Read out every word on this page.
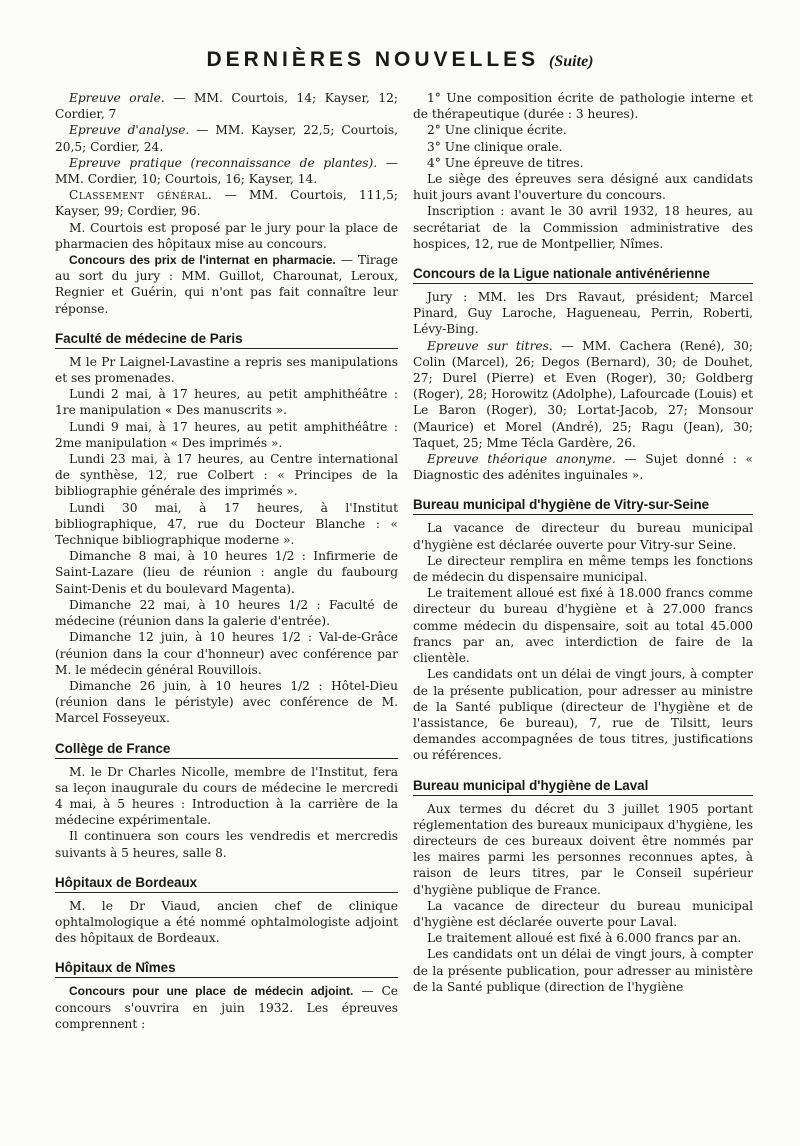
DERNIÈRES NOUVELLES (Suite)

Epreuve orale. — MM. Courtois, 14; Kayser, 12; Cordier, 7

Epreuve d'analyse. — MM. Kayser, 22,5; Courtois, 20,5; Cordier, 24.

Epreuve pratique (reconnaissance de plantes). — MM. Cordier, 10; Courtois, 16; Kayser, 14.

Classement général. — MM. Courtois, 111,5; Kayser, 99; Cordier, 96.

M. Courtois est proposé par le jury pour la place de pharmacien des hôpitaux mise au concours.

Concours des prix de l'internat en pharmacie. — Tirage au sort du jury : MM. Guillot, Charounat, Leroux, Regnier et Guérin, qui n'ont pas fait connaître leur réponse.

Faculté de médecine de Paris

M le Pr Laignel-Lavastine a repris ses manipulations et ses promenades.

Lundi 2 mai, à 17 heures, au petit amphithéâtre : 1re manipulation « Des manuscrits ».

Lundi 9 mai, à 17 heures, au petit amphithéâtre : 2me manipulation « Des imprimés ».

Lundi 23 mai, à 17 heures, au Centre international de synthèse, 12, rue Colbert : « Principes de la bibliographie générale des imprimés ».

Lundi 30 mai, à 17 heures, à l'Institut bibliographique, 47, rue du Docteur Blanche : « Technique bibliographique moderne ».

Dimanche 8 mai, à 10 heures 1/2 : Infirmerie de Saint-Lazare (lieu de réunion : angle du faubourg Saint-Denis et du boulevard Magenta).

Dimanche 22 mai, à 10 heures 1/2 : Faculté de médecine (réunion dans la galerie d'entrée).

Dimanche 12 juin, à 10 heures 1/2 : Val-de-Grâce (réunion dans la cour d'honneur) avec conférence par M. le médecin général Rouvillois.

Dimanche 26 juin, à 10 heures 1/2 : Hôtel-Dieu (réunion dans le péristyle) avec conférence de M. Marcel Fosseyeux.

Collège de France

M. le Dr Charles Nicolle, membre de l'Institut, fera sa leçon inaugurale du cours de médecine le mercredi 4 mai, à 5 heures : Introduction à la carrière de la médecine expérimentale.

Il continuera son cours les vendredis et mercredis suivants à 5 heures, salle 8.

Hôpitaux de Bordeaux

M. le Dr Viaud, ancien chef de clinique ophtalmologique a été nommé ophtalmologiste adjoint des hôpitaux de Bordeaux.

Hôpitaux de Nîmes

Concours pour une place de médecin adjoint. — Ce concours s'ouvrira en juin 1932. Les épreuves comprennent :

1° Une composition écrite de pathologie interne et de thérapeutique (durée : 3 heures).

2° Une clinique écrite.

3° Une clinique orale.

4° Une épreuve de titres.

Le siège des épreuves sera désigné aux candidats huit jours avant l'ouverture du concours.

Inscription : avant le 30 avril 1932, 18 heures, au secrétariat de la Commission administrative des hospices, 12, rue de Montpellier, Nîmes.

Concours de la Ligue nationale antivénérienne

Jury : MM. les Drs Ravaut, président; Marcel Pinard, Guy Laroche, Hagueneau, Perrin, Roberti, Lévy-Bing.

Epreuve sur titres. — MM. Cachera (René), 30; Colin (Marcel), 26; Degos (Bernard), 30; de Douhet, 27; Durel (Pierre) et Even (Roger), 30; Goldberg (Roger), 28; Horowitz (Adolphe), Lafourcade (Louis) et Le Baron (Roger), 30; Lortat-Jacob, 27; Monsour (Maurice) et Morel (André), 25; Ragu (Jean), 30; Taquet, 25; Mme Técla Gardère, 26.

Epreuve théorique anonyme. — Sujet donné : « Diagnostic des adénites inguinales ».

Bureau municipal d'hygiène de Vitry-sur-Seine

La vacance de directeur du bureau municipal d'hygiène est déclarée ouverte pour Vitry-sur Seine.

Le directeur remplira en même temps les fonctions de médecin du dispensaire municipal.

Le traitement alloué est fixé à 18.000 francs comme directeur du bureau d'hygiène et à 27.000 francs comme médecin du dispensaire, soit au total 45.000 francs par an, avec interdiction de faire de la clientèle.

Les candidats ont un délai de vingt jours, à compter de la présente publication, pour adresser au ministre de la Santé publique (directeur de l'hygiène et de l'assistance, 6e bureau), 7, rue de Tilsitt, leurs demandes accompagnées de tous titres, justifications ou références.

Bureau municipal d'hygiène de Laval

Aux termes du décret du 3 juillet 1905 portant réglementation des bureaux municipaux d'hygiène, les directeurs de ces bureaux doivent être nommés par les maires parmi les personnes reconnues aptes, à raison de leurs titres, par le Conseil supérieur d'hygiène publique de France.

La vacance de directeur du bureau municipal d'hygiène est déclarée ouverte pour Laval.

Le traitement alloué est fixé à 6.000 francs par an.

Les candidats ont un délai de vingt jours, à compter de la présente publication, pour adresser au ministère de la Santé publique (direction de l'hygiène
